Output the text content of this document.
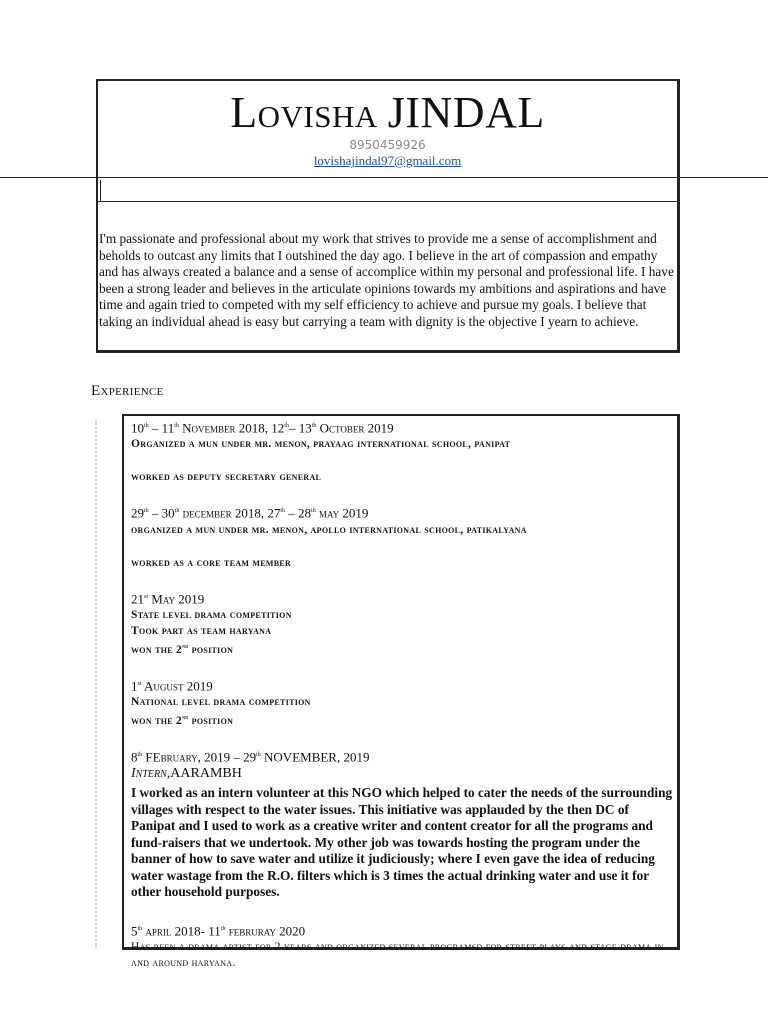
Lovisha JINDAL
8950459926
lovishajindal97@gmail.com
I'm passionate and professional about my work that strives to provide me a sense of accomplishment and beholds to outcast any limits that I outshined the day ago. I believe in the art of compassion and empathy and has always created a balance and a sense of accomplice within my personal and professional life. I have been a strong leader and believes in the articulate opinions towards my ambitions and aspirations and have time and again tried to competed with my self efficiency to achieve and pursue my goals. I believe that taking an individual ahead is easy but carrying a team with dignity is the objective I yearn to achieve.
Experience
10th – 11th November 2018, 12th– 13th October 2019
Organized a mun under mr. menon, prayaag international school, panipat
worked as deputy secretary general
29th – 30th december 2018, 27th – 28th may 2019
organized a mun under mr. menon, apollo international school, patikalyana
worked as a core team member
21st May 2019
State level drama competition
Took part as team haryana
won the 2nd position
1st August 2019
National level drama competition
won the 2nd position
8th FEbruary, 2019 – 29th NOVEMBER, 2019
Intern,AARAMBH
I worked as an intern volunteer at this NGO which helped to cater the needs of the surrounding villages with respect to the water issues. This initiative was applauded by the then DC of Panipat and I used to work as a creative writer and content creator for all the programs and fund-raisers that we undertook. My other job was towards hosting the program under the banner of how to save water and utilize it judiciously; where I even gave the idea of reducing water wastage from the R.O. filters which is 3 times the actual drinking water and use it for other household purposes.
5th april 2018- 11th februray 2020
Has been a drama artist for 2 years and organized several programsd for street plays and stage drama in and around haryana.
